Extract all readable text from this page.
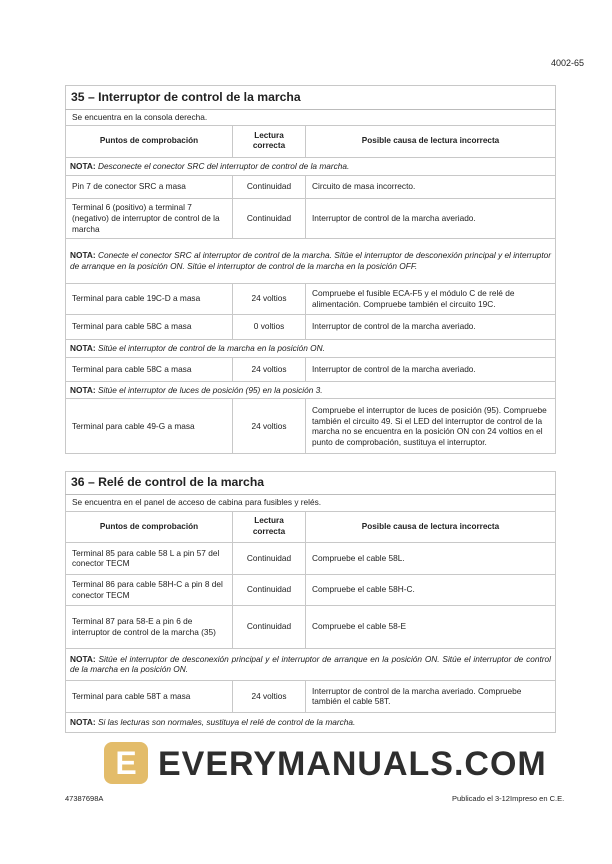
4002-65
35 – Interruptor de control de la marcha		
Se encuentra en la consola derecha.		
Puntos de comprobación	Lectura correcta	Posible causa de lectura incorrecta
NOTA: Desconecte el conector SRC del interruptor de control de la marcha.		
Pin 7 de conector SRC a masa	Continuidad	Circuito de masa incorrecto.
Terminal 6 (positivo) a terminal 7 (negativo) de interruptor de control de la marcha	Continuidad	Interruptor de control de la marcha averiado.
NOTA: Conecte el conector SRC al interruptor de control de la marcha. Sitúe el interruptor de desconexión principal y el interruptor de arranque en la posición ON. Sitúe el interruptor de control de la marcha en la posición OFF.		
Terminal para cable 19C-D a masa	24 voltios	Compruebe el fusible ECA-F5 y el módulo C de relé de alimentación. Compruebe también el circuito 19C.
Terminal para cable 58C a masa	0 voltios	Interruptor de control de la marcha averiado.
NOTA: Sitúe el interruptor de control de la marcha en la posición ON.		
Terminal para cable 58C a masa	24 voltios	Interruptor de control de la marcha averiado.
NOTA: Sitúe el interruptor de luces de posición (95) en la posición 3.		
Terminal para cable 49-G a masa	24 voltios	Compruebe el interruptor de luces de posición (95). Compruebe también el circuito 49. Si el LED del interruptor de control de la marcha no se encuentra en la posición ON con 24 voltios en el punto de comprobación, sustituya el interruptor.
36 – Relé de control de la marcha		
Se encuentra en el panel de acceso de cabina para fusibles y relés.		
Puntos de comprobación	Lectura correcta	Posible causa de lectura incorrecta
Terminal 85 para cable 58 L a pin 57 del conector TECM	Continuidad	Compruebe el cable 58L.
Terminal 86 para cable 58H-C a pin 8 del conector TECM	Continuidad	Compruebe el cable 58H-C.
Terminal 87 para 58-E a pin 6 de interruptor de control de la marcha (35)	Continuidad	Compruebe el cable 58-E
NOTA: Sitúe el interruptor de desconexión principal y el interruptor de arranque en la posición ON. Sitúe el interruptor de control de la marcha en la posición ON.		
Terminal para cable 58T a masa	24 voltios	Interruptor de control de la marcha averiado. Compruebe también el cable 58T.
NOTA: Si las lecturas son normales, sustituya el relé de control de la marcha.		
E EVERYMANUALS.COM
47387698A	Publicado el 3-12 Impreso en C.E.
